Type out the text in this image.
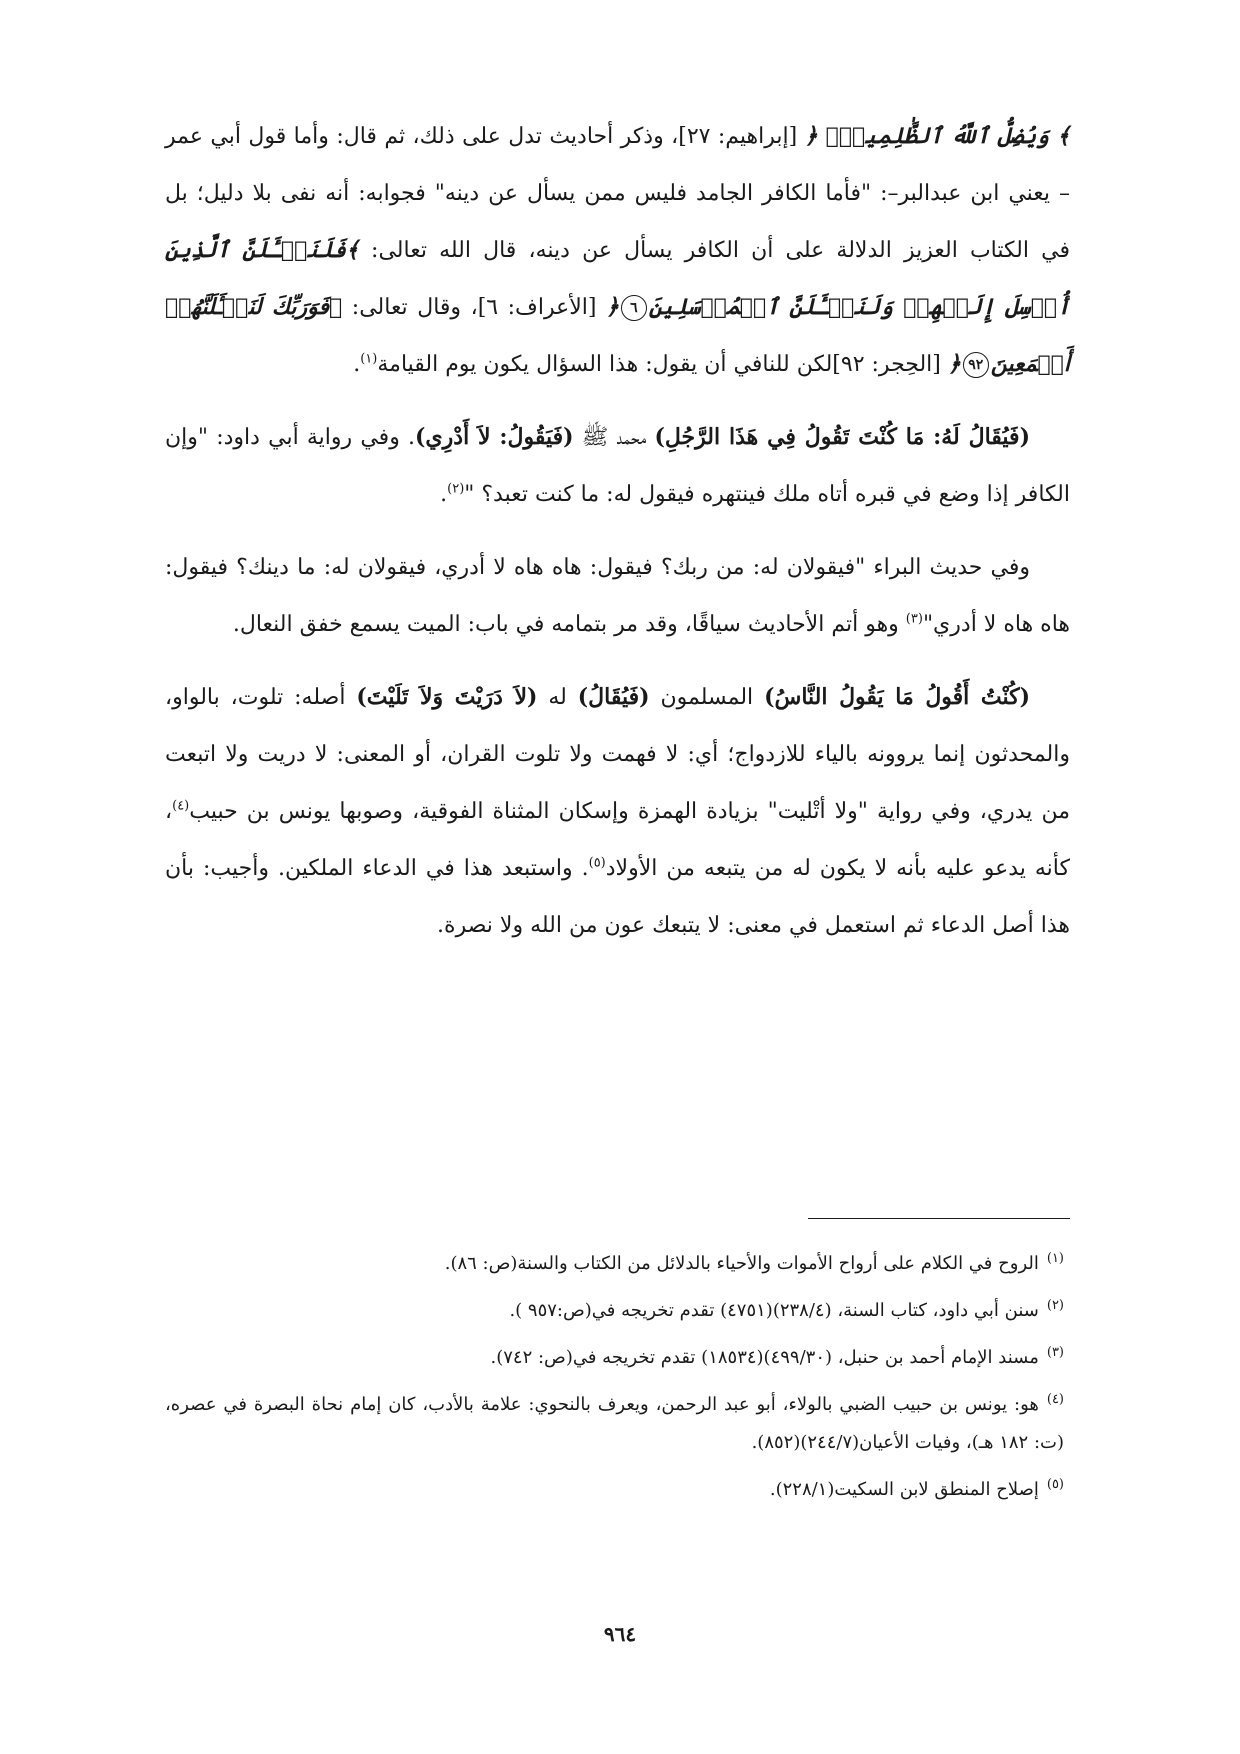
﴾ وَيُضِلُّ ٱللَّهُ ٱلظَّٰلِمِينَۚ ﴿ [إبراهيم: ٢٧]، وذكر أحاديث تدل على ذلك، ثم قال: وأما قول أبي عمر – يعني ابن عبدالبر–: "فأما الكافر الجامد فليس ممن يسأل عن دينه" فجوابه: أنه نفى بلا دليل؛ بل في الكتاب العزيز الدلالة على أن الكافر يسأل عن دينه، قال الله تعالى: ﴾فَلَنَسۡـَٔلَنَّ ٱلَّذِينَ أُرۡسِلَ إِلَيۡهِمۡ وَلَنَسۡـَٔلَنَّ ٱلۡمُرۡسَلِينَ٦﴿ [الأعراف: ٦]، وقال تعالى: ﴾فَوَرَبِّكَ لَنَسۡـَٔلَنَّهُمۡ أَجۡمَعِينَ٩٢﴿ [الحِجر: ٩٢]لكن للنافي أن يقول: هذا السؤال يكون يوم القيامة$^{(١)}$.

(فَيُقَالُ لَهُ: مَا كُنْتَ تَقُولُ فِي هَذَا الرَّجُلِ) محمد ﷺ (فَيَقُولُ: لاَ أَدْرِي). وفي رواية أبي داود: "وإن الكافر إذا وضع في قبره أتاه ملك فينتهره فيقول له: ما كنت تعبد؟ "$^{(٢)}$.

وفي حديث البراء "فيقولان له: من ربك؟ فيقول: هاه هاه لا أدري، فيقولان له: ما دينك؟ فيقول: هاه هاه لا أدري"$^{(٣)}$ وهو أتم الأحاديث سياقًا، وقد مر بتمامه في باب: الميت يسمع خفق النعال.

(كُنْتُ أَقُولُ مَا يَقُولُ النَّاسُ) المسلمون (فَيُقَالُ) له (لاَ دَرَيْتَ وَلاَ تَلَيْتَ) أصله: تلوت، بالواو، والمحدثون إنما يروونه بالياء للازدواج؛ أي: لا فهمت ولا تلوت القران، أو المعنى: لا دريت ولا اتبعت من يدري، وفي رواية "ولا أتْليت" بزيادة الهمزة وإسكان المثناة الفوقية، وصوبها يونس بن حبيب$^{(٤)}$، كأنه يدعو عليه بأنه لا يكون له من يتبعه من الأولاد$^{(٥)}$. واستبعد هذا في الدعاء الملكين. وأجيب: بأن هذا أصل الدعاء ثم استعمل في معنى: لا يتبعك عون من الله ولا نصرة.

$^{(١)}$الروح في الكلام على أرواح الأموات والأحياء بالدلائل من الكتاب والسنة(ص: ٨٦).
$^{(٢)}$سنن أبي داود، كتاب السنة، (٢٣٨/٤)(٤٧٥١) تقدم تخريجه في(ص:٩٥٧ ).
$^{(٣)}$مسند الإمام أحمد بن حنبل، (٤٩٩/٣٠)(١٨٥٣٤) تقدم تخريجه في(ص: ٧٤٢).
$^{(٤)}$هو: يونس بن حبيب الضبي بالولاء، أبو عبد الرحمن، ويعرف بالنحوي: علامة بالأدب، كان إمام نحاة البصرة في عصره، (ت: ١٨٢ هـ)، وفيات الأعيان(٢٤٤/٧)(٨٥٢).
$^{(٥)}$إصلاح المنطق لابن السكيت(٢٢٨/١).
٩٦٤
